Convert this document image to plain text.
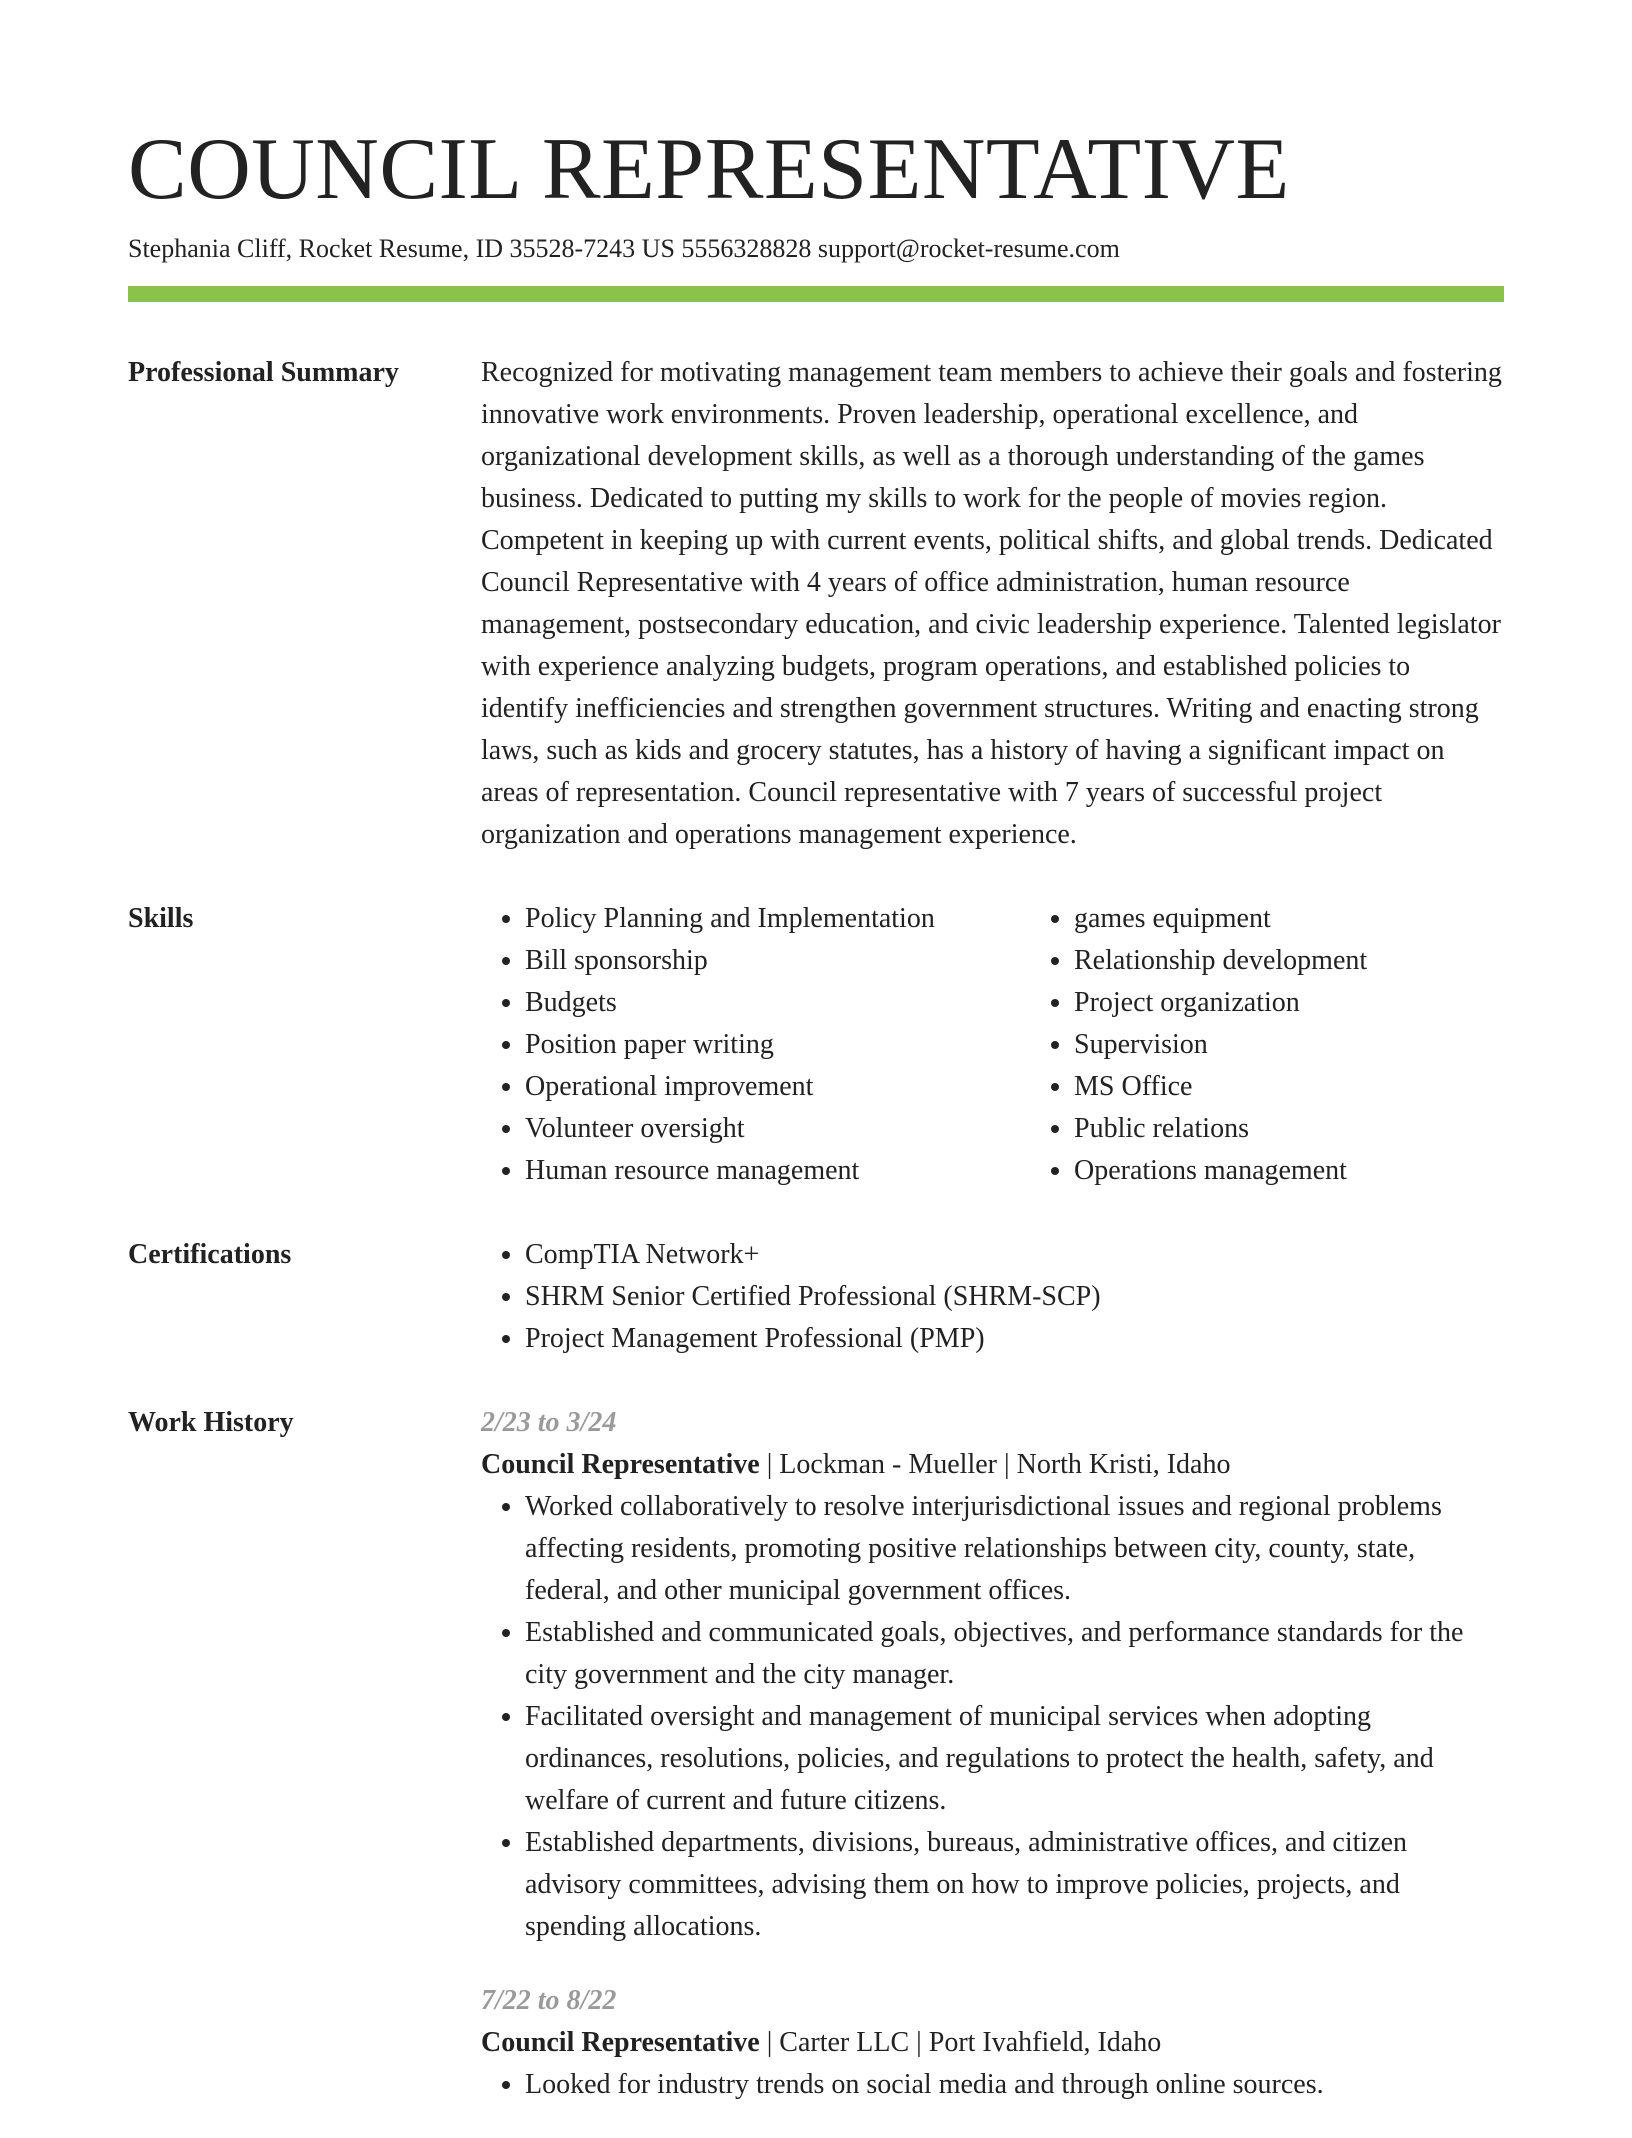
COUNCIL REPRESENTATIVE
Stephania Cliff, Rocket Resume, ID 35528-7243 US 5556328828 support@rocket-resume.com
Professional Summary	Recognized for motivating management team members to achieve their goals and fostering innovative work environments. Proven leadership, operational excellence, and organizational development skills, as well as a thorough understanding of the games business. Dedicated to putting my skills to work for the people of movies region. Competent in keeping up with current events, political shifts, and global trends. Dedicated Council Representative with 4 years of office administration, human resource management, postsecondary education, and civic leadership experience. Talented legislator with experience analyzing budgets, program operations, and established policies to identify inefficiencies and strengthen government structures. Writing and enacting strong laws, such as kids and grocery statutes, has a history of having a significant impact on areas of representation. Council representative with 7 years of successful project organization and operations management experience.

Skills	• Policy Planning and Implementation
• Bill sponsorship
• Budgets
• Position paper writing
• Operational improvement
• Volunteer oversight
• Human resource management
• games equipment
• Relationship development
• Project organization
• Supervision
• MS Office
• Public relations
• Operations management
Certifications	• CompTIA Network+
• SHRM Senior Certified Professional (SHRM-SCP)
• Project Management Professional (PMP)
Work History	2/23 to 3/24
Council Representative | Lockman - Mueller | North Kristi, Idaho
• Worked collaboratively to resolve interjurisdictional issues and regional problems affecting residents, promoting positive relationships between city, county, state, federal, and other municipal government offices.
• Established and communicated goals, objectives, and performance standards for the city government and the city manager.
• Facilitated oversight and management of municipal services when adopting ordinances, resolutions, policies, and regulations to protect the health, safety, and welfare of current and future citizens.
• Established departments, divisions, bureaus, administrative offices, and citizen advisory committees, advising them on how to improve policies, projects, and spending allocations.
7/22 to 8/22
Council Representative | Carter LLC | Port Ivahfield, Idaho
• Looked for industry trends on social media and through online sources.
